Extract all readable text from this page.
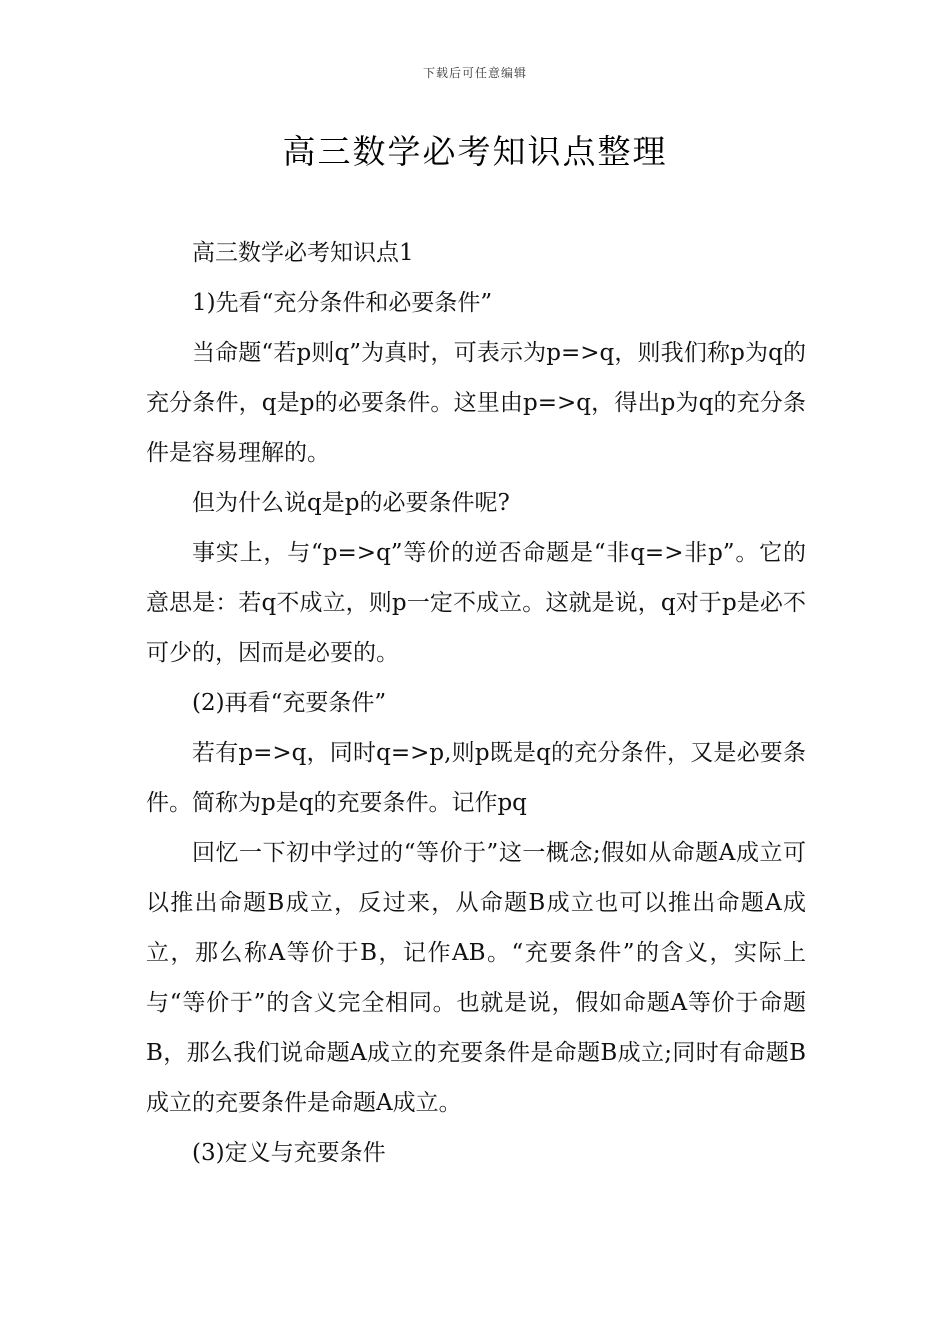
下载后可任意编辑
高三数学必考知识点整理

高三数学必考知识点1

1)先看“充分条件和必要条件”

当命题“若p则q”为真时，可表示为p=>q，则我们称p为q的充分条件，q是p的必要条件。这里由p=>q，得出p为q的充分条件是容易理解的。

但为什么说q是p的必要条件呢?

事实上，与“p=>q”等价的逆否命题是“非q=>非p”。它的意思是：若q不成立，则p一定不成立。这就是说，q对于p是必不可少的，因而是必要的。

(2)再看“充要条件”

若有p=>q，同时q=>p,则p既是q的充分条件，又是必要条件。简称为p是q的充要条件。记作pq

回忆一下初中学过的“等价于”这一概念;假如从命题A成立可以推出命题B成立，反过来，从命题B成立也可以推出命题A成立，那么称A等价于B，记作AB。“充要条件”的含义，实际上与“等价于”的含义完全相同。也就是说，假如命题A等价于命题B，那么我们说命题A成立的充要条件是命题B成立;同时有命题B成立的充要条件是命题A成立。

(3)定义与充要条件
